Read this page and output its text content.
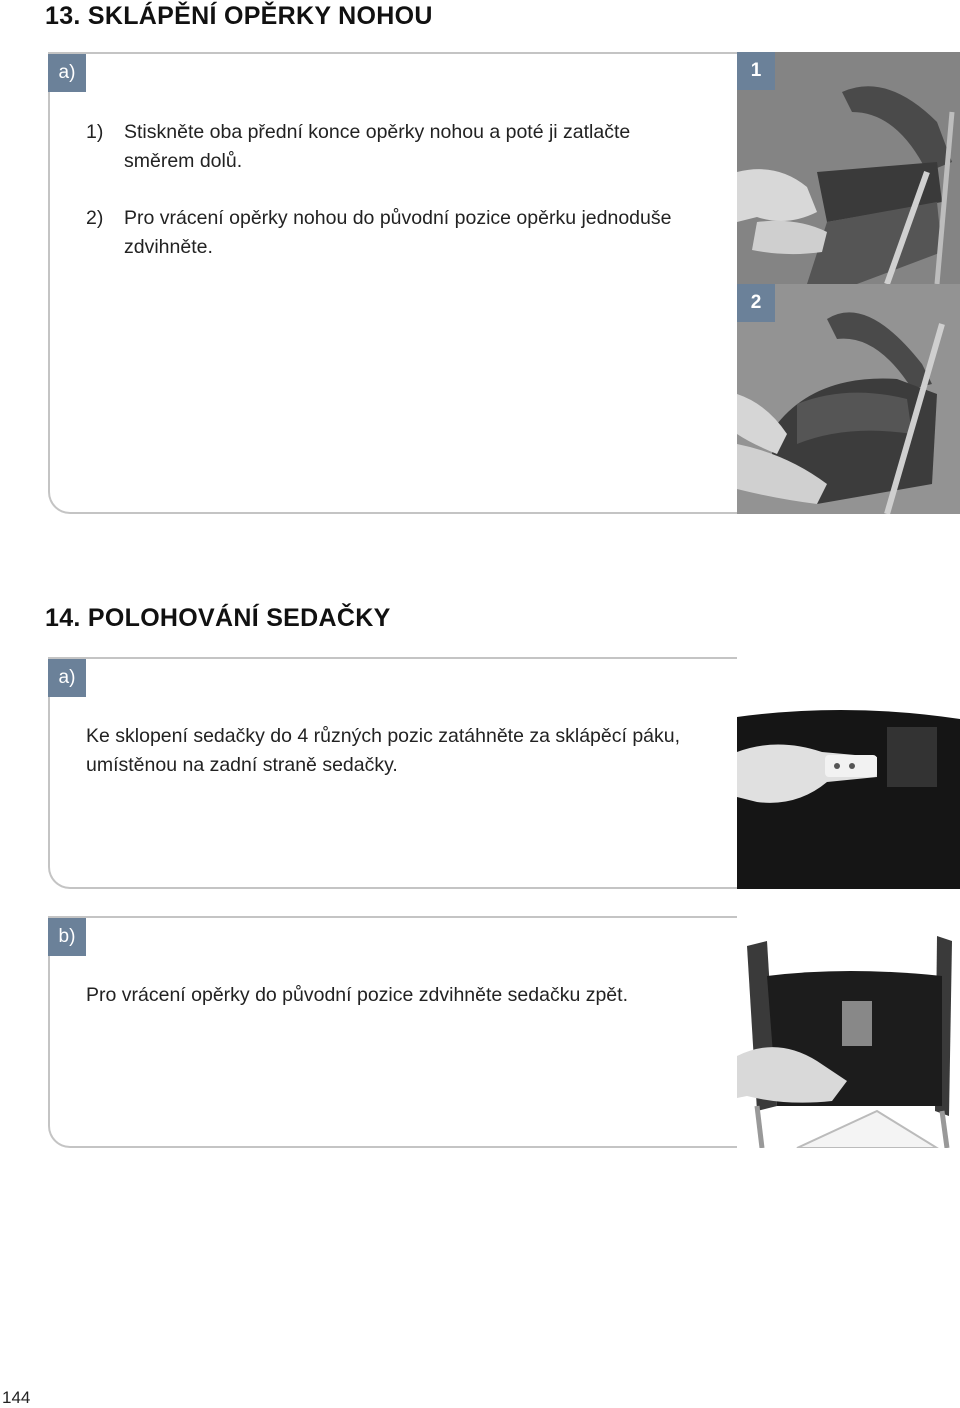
13. SKLÁPĚNÍ OPĚRKY NOHOU
a)
1) Stiskněte oba přední konce opěrky nohou a poté ji zatlačte směrem dolů.
2) Pro vrácení opěrky nohou do původní pozice opěrku jednoduše zdvihněte.
1
2
14. POLOHOVÁNÍ SEDAČKY
a)
Ke sklopení sedačky do 4 různých pozic zatáhněte za sklápěcí páku, umístěnou na zadní straně sedačky.
b)
Pro vrácení opěrky do původní pozice zdvihněte sedačku zpět.
144
